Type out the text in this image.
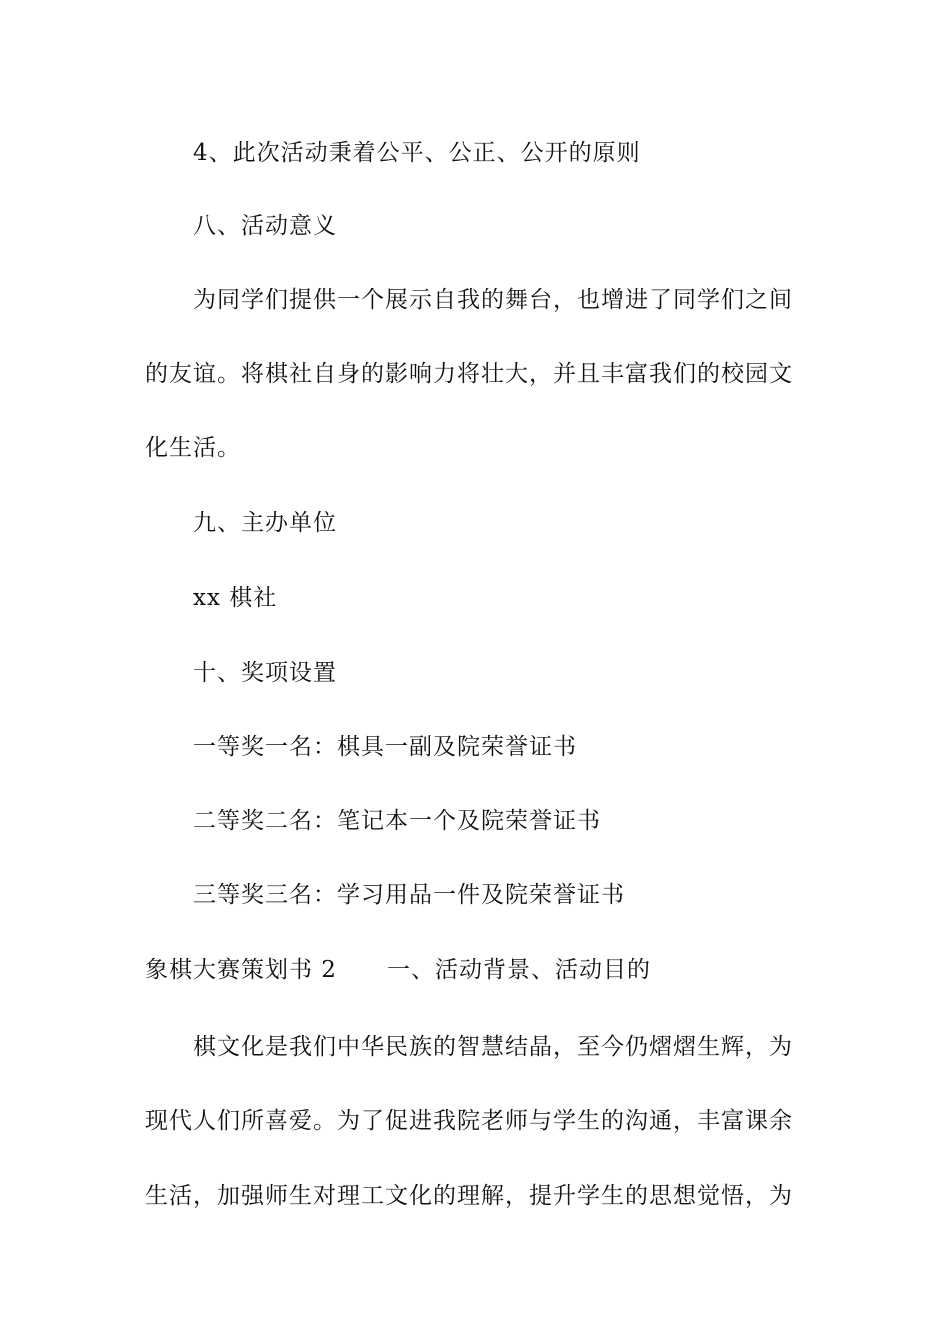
4、此次活动秉着公平、公正、公开的原则
八、活动意义
为同学们提供一个展示自我的舞台，也增进了同学们之间
的友谊。将棋社自身的影响力将壮大，并且丰富我们的校园文
化生活。
九、主办单位
xx 棋社
十、奖项设置
一等奖一名：棋具一副及院荣誉证书
二等奖二名：笔记本一个及院荣誉证书
三等奖三名：学习用品一件及院荣誉证书
象棋大赛策划书 2 一、活动背景、活动目的
棋文化是我们中华民族的智慧结晶，至今仍熠熠生辉，为
现代人们所喜爱。为了促进我院老师与学生的沟通，丰富课余
生活，加强师生对理工文化的理解，提升学生的思想觉悟，为
